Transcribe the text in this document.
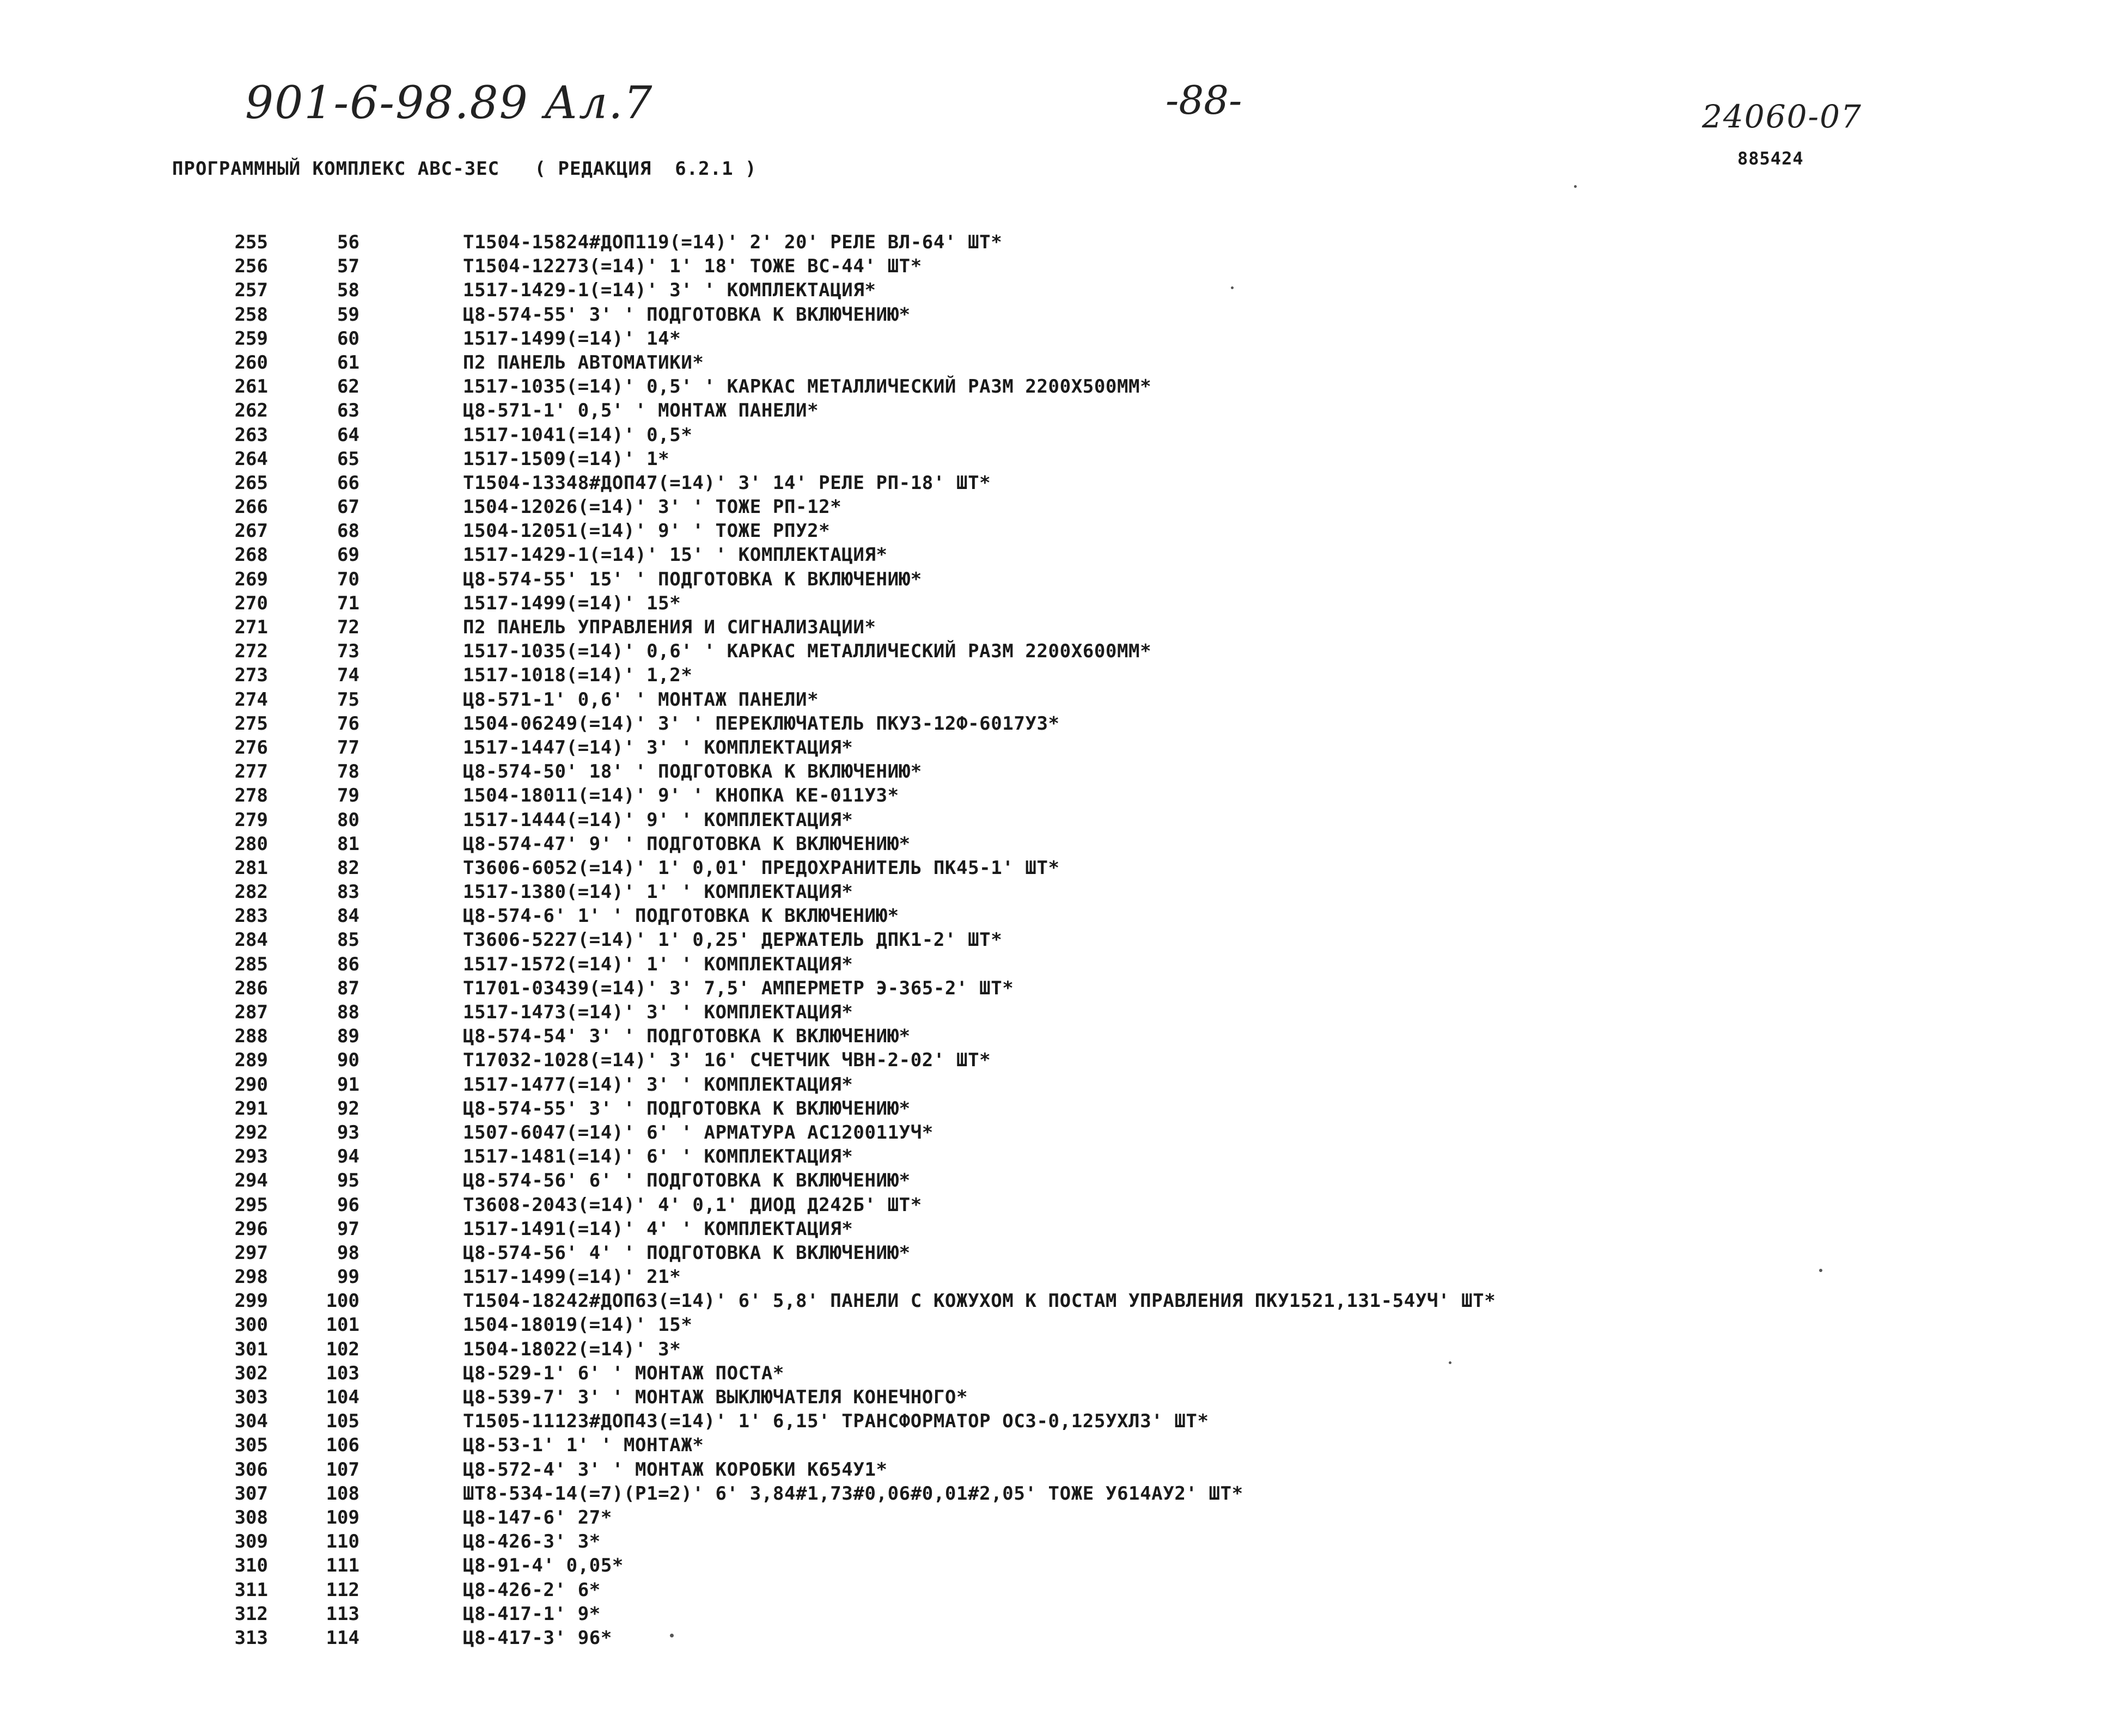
901-6-98.89 Ал.7	-88-	24060-07
ПРОГРАММНЫЙ КОМПЛЕКС АВС-ЗЕС   ( РЕДАКЦИЯ  6.2.1 )	885424
255	56	Т1504-15824#ДОП119(=14)' 2' 20' РЕЛЕ ВЛ-64' ШТ*
256	57	Т1504-12273(=14)' 1' 18' ТОЖЕ ВС-44' ШТ*
257	58	1517-1429-1(=14)' 3' ' КОМПЛЕКТАЦИЯ*
258	59	Ц8-574-55' 3' ' ПОДГОТОВКА К ВКЛЮЧЕНИЮ*
259	60	1517-1499(=14)' 14*
260	61	П2 ПАНЕЛЬ АВТОМАТИКИ*
261	62	1517-1035(=14)' 0,5' ' КАРКАС МЕТАЛЛИЧЕСКИЙ РАЗМ 2200Х500ММ*
262	63	Ц8-571-1' 0,5' ' МОНТАЖ ПАНЕЛИ*
263	64	1517-1041(=14)' 0,5*
264	65	1517-1509(=14)' 1*
265	66	Т1504-13348#ДОП47(=14)' 3' 14' РЕЛЕ РП-18' ШТ*
266	67	1504-12026(=14)' 3' ' ТОЖЕ РП-12*
267	68	1504-12051(=14)' 9' ' ТОЖЕ РПУ2*
268	69	1517-1429-1(=14)' 15' ' КОМПЛЕКТАЦИЯ*
269	70	Ц8-574-55' 15' ' ПОДГОТОВКА К ВКЛЮЧЕНИЮ*
270	71	1517-1499(=14)' 15*
271	72	П2 ПАНЕЛЬ УПРАВЛЕНИЯ И СИГНАЛИЗАЦИИ*
272	73	1517-1035(=14)' 0,6' ' КАРКАС МЕТАЛЛИЧЕСКИЙ РАЗМ 2200Х600ММ*
273	74	1517-1018(=14)' 1,2*
274	75	Ц8-571-1' 0,6' ' МОНТАЖ ПАНЕЛИ*
275	76	1504-06249(=14)' 3' ' ПЕРЕКЛЮЧАТЕЛЬ ПКУ3-12Ф-6017У3*
276	77	1517-1447(=14)' 3' ' КОМПЛЕКТАЦИЯ*
277	78	Ц8-574-50' 18' ' ПОДГОТОВКА К ВКЛЮЧЕНИЮ*
278	79	1504-18011(=14)' 9' ' КНОПКА КЕ-011У3*
279	80	1517-1444(=14)' 9' ' КОМПЛЕКТАЦИЯ*
280	81	Ц8-574-47' 9' ' ПОДГОТОВКА К ВКЛЮЧЕНИЮ*
281	82	Т3606-6052(=14)' 1' 0,01' ПРЕДОХРАНИТЕЛЬ ПК45-1' ШТ*
282	83	1517-1380(=14)' 1' ' КОМПЛЕКТАЦИЯ*
283	84	Ц8-574-6' 1' ' ПОДГОТОВКА К ВКЛЮЧЕНИЮ*
284	85	Т3606-5227(=14)' 1' 0,25' ДЕРЖАТЕЛЬ ДПК1-2' ШТ*
285	86	1517-1572(=14)' 1' ' КОМПЛЕКТАЦИЯ*
286	87	Т1701-03439(=14)' 3' 7,5' АМПЕРМЕТР Э-365-2' ШТ*
287	88	1517-1473(=14)' 3' ' КОМПЛЕКТАЦИЯ*
288	89	Ц8-574-54' 3' ' ПОДГОТОВКА К ВКЛЮЧЕНИЮ*
289	90	Т17032-1028(=14)' 3' 16' СЧЕТЧИК ЧВН-2-02' ШТ*
290	91	1517-1477(=14)' 3' ' КОМПЛЕКТАЦИЯ*
291	92	Ц8-574-55' 3' ' ПОДГОТОВКА К ВКЛЮЧЕНИЮ*
292	93	1507-6047(=14)' 6' ' АРМАТУРА АС120011УЧ*
293	94	1517-1481(=14)' 6' ' КОМПЛЕКТАЦИЯ*
294	95	Ц8-574-56' 6' ' ПОДГОТОВКА К ВКЛЮЧЕНИЮ*
295	96	Т3608-2043(=14)' 4' 0,1' ДИОД Д242Б' ШТ*
296	97	1517-1491(=14)' 4' ' КОМПЛЕКТАЦИЯ*
297	98	Ц8-574-56' 4' ' ПОДГОТОВКА К ВКЛЮЧЕНИЮ*
298	99	1517-1499(=14)' 21*
299	100	Т1504-18242#ДОП63(=14)' 6' 5,8' ПАНЕЛИ С КОЖУХОМ К ПОСТАМ УПРАВЛЕНИЯ ПКУ1521,131-54УЧ' ШТ*
300	101	1504-18019(=14)' 15*
301	102	1504-18022(=14)' 3*
302	103	Ц8-529-1' 6' ' МОНТАЖ ПОСТА*
303	104	Ц8-539-7' 3' ' МОНТАЖ ВЫКЛЮЧАТЕЛЯ КОНЕЧНОГО*
304	105	Т1505-11123#ДОП43(=14)' 1' 6,15' ТРАНСФОРМАТОР ОСЗ-0,125УХЛ3' ШТ*
305	106	Ц8-53-1' 1' ' МОНТАЖ*
306	107	Ц8-572-4' 3' ' МОНТАЖ КОРОБКИ К654У1*
307	108	ШТ8-534-14(=7)(Р1=2)' 6' 3,84#1,73#0,06#0,01#2,05' ТОЖЕ У614АУ2' ШТ*
308	109	Ц8-147-6' 27*
309	110	Ц8-426-3' 3*
310	111	Ц8-91-4' 0,05*
311	112	Ц8-426-2' 6*
312	113	Ц8-417-1' 9*
313	114	Ц8-417-3' 96*
